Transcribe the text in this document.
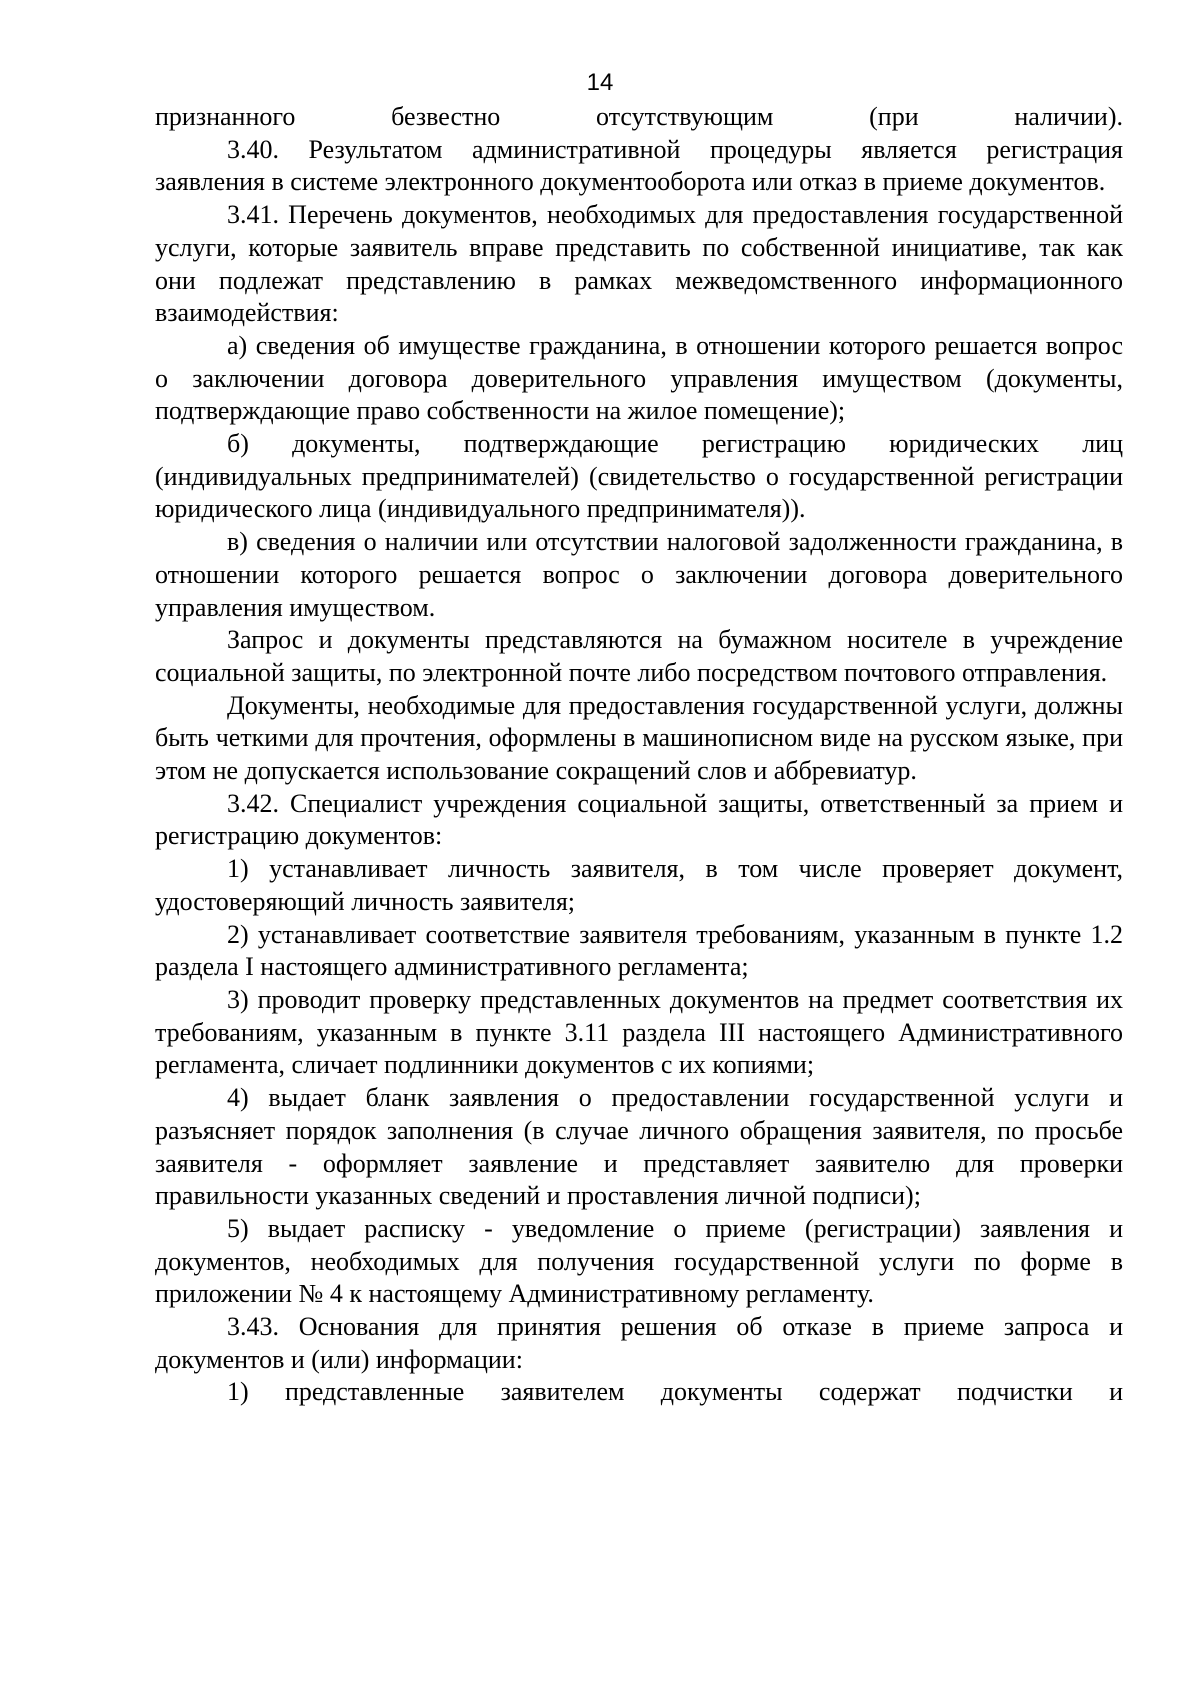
14

признанного безвестно отсутствующим (при наличии).

3.40. Результатом административной процедуры является регистрация заявления в системе электронного документооборота или отказ в приеме документов.

3.41. Перечень документов, необходимых для предоставления государственной услуги, которые заявитель вправе представить по собственной инициативе, так как они подлежат представлению в рамках межведомственного информационного взаимодействия:

а) сведения об имуществе гражданина, в отношении которого решается вопрос о заключении договора доверительного управления имуществом (документы, подтверждающие право собственности на жилое помещение);

б) документы, подтверждающие регистрацию юридических лиц (индивидуальных предпринимателей) (свидетельство о государственной регистрации юридического лица (индивидуального предпринимателя)).

в) сведения о наличии или отсутствии налоговой задолженности гражданина, в отношении которого решается вопрос о заключении договора доверительного управления имуществом.

Запрос и документы представляются на бумажном носителе в учреждение социальной защиты, по электронной почте либо посредством почтового отправления.

Документы, необходимые для предоставления государственной услуги, должны быть четкими для прочтения, оформлены в машинописном виде на русском языке, при этом не допускается использование сокращений слов и аббревиатур.

3.42. Специалист учреждения социальной защиты, ответственный за прием и регистрацию документов:

1) устанавливает личность заявителя, в том числе проверяет документ, удостоверяющий личность заявителя;

2) устанавливает соответствие заявителя требованиям, указанным в пункте 1.2 раздела I настоящего административного регламента;

3) проводит проверку представленных документов на предмет соответствия их требованиям, указанным в пункте 3.11 раздела III настоящего Административного регламента, сличает подлинники документов с их копиями;

4) выдает бланк заявления о предоставлении государственной услуги и разъясняет порядок заполнения (в случае личного обращения заявителя, по просьбе заявителя - оформляет заявление и представляет заявителю для проверки правильности указанных сведений и проставления личной подписи);

5) выдает расписку - уведомление о приеме (регистрации) заявления и документов, необходимых для получения государственной услуги по форме в приложении № 4 к настоящему Административному регламенту.

3.43. Основания для принятия решения об отказе в приеме запроса и документов и (или) информации:

1) представленные заявителем документы содержат подчистки и
